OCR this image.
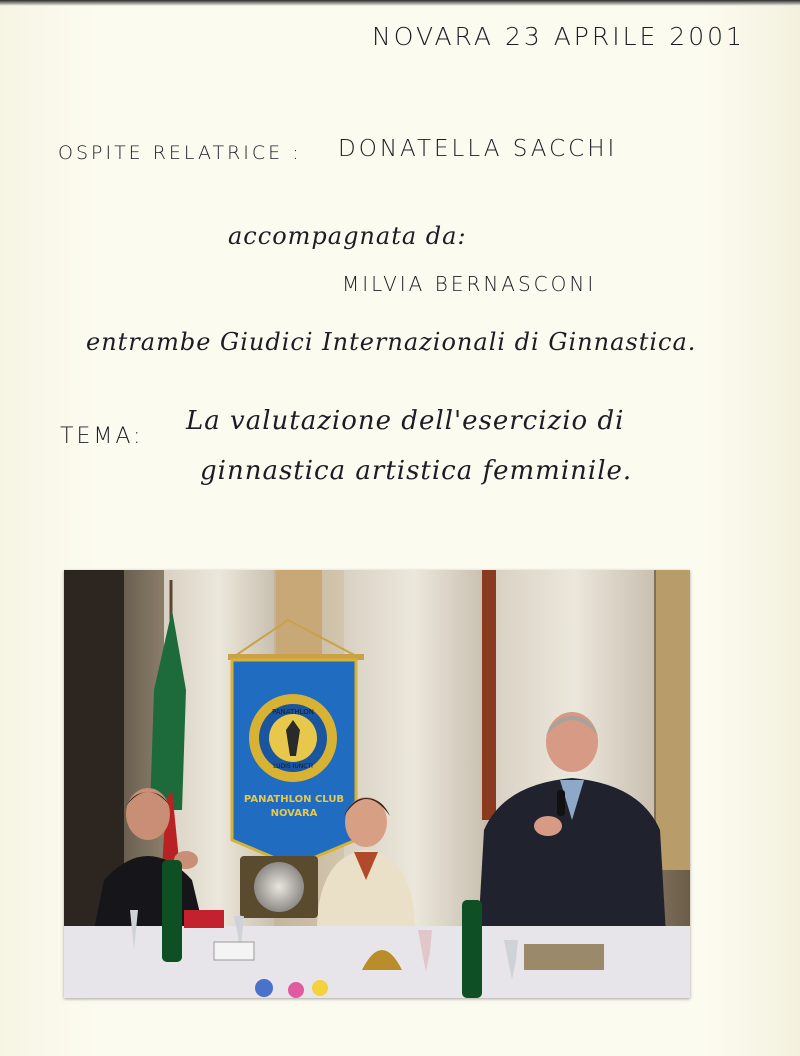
NOVARA 23 APRILE 2001
OSPITE RELATRICE : DONATELLA SACCHI
accompagnata da:
MILVIA BERNASCONI
entrambe Giudici Internazionali di Ginnastica.
TEMA:
La valutazione dell'esercizio di
ginnastica artistica femminile.
PANATHLON
LUDIS IUNCTI
PANATHLON CLUB
NOVARA
